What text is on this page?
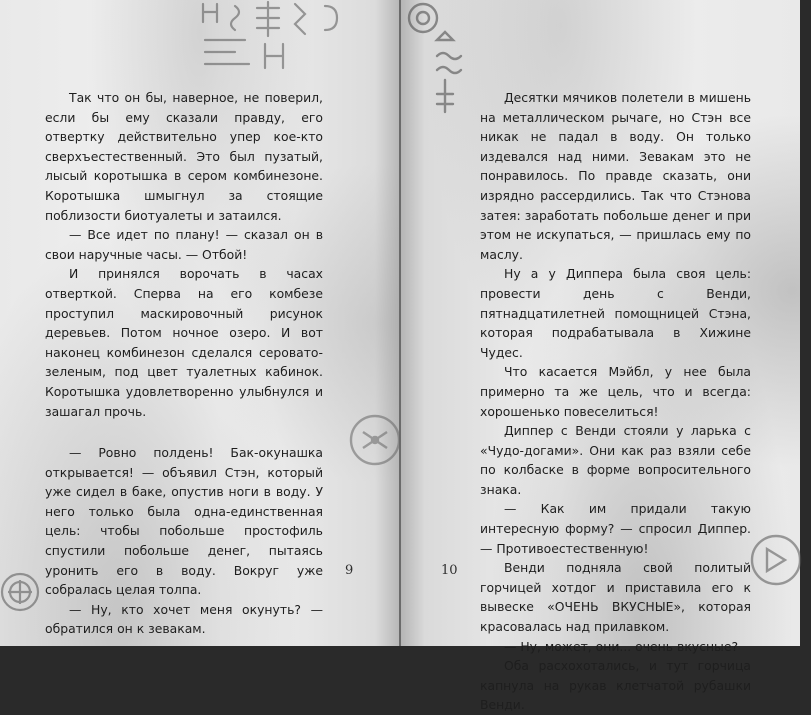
Так что он бы, наверное, не поверил, если бы ему сказали правду, его отвертку действительно упер кое-кто сверхъестественный. Это был пузатый, лысый коротышка в сером комбинезоне. Коротышка шмыгнул за стоящие поблизости биотуалеты и затаился.

— Все идет по плану! — сказал он в свои наручные часы. — Отбой!

И принялся ворочать в часах отверткой. Сперва на его комбезе проступил маскировочный рисунок деревьев. Потом ночное озеро. И вот наконец комбинезон сделался серовато-зеленым, под цвет туалетных кабинок. Коротышка удовлетворенно улыбнулся и зашагал прочь.

— Ровно полдень! Бак-окунашка открывается! — объявил Стэн, который уже сидел в баке, опустив ноги в воду. У него только была одна-единственная цель: чтобы побольше простофиль спустили побольше денег, пытаясь уронить его в воду. Вокруг уже собралась целая толпа.

— Ну, кто хочет меня окунуть? — обратился он к зевакам.

9

Десятки мячиков полетели в мишень на металлическом рычаге, но Стэн все никак не падал в воду. Он только издевался над ними. Зевакам это не понравилось. По правде сказать, они изрядно рассердились. Так что Стэнова затея: заработать побольше денег и при этом не искупаться, — пришлась ему по маслу.

Ну а у Диппера была своя цель: провести день с Венди, пятнадцатилетней помощницей Стэна, которая подрабатывала в Хижине Чудес.

Что касается Мэйбл, у нее была примерно та же цель, что и всегда: хорошенько повеселиться!

Диппер с Венди стояли у ларька с «Чудо-догами». Они как раз взяли себе по колбаске в форме вопросительного знака.

— Как им придали такую интересную форму? — спросил Диппер. — Противоестественную!

Венди подняла свой политый горчицей хотдог и приставила его к вывеске «ОЧЕНЬ ВКУСНЫЕ», которая красовалась над прилавком.

— Ну, может, они... очень вкусные?

Оба расхохотались, и тут горчица капнула на рукав клетчатой рубашки Венди.

10
